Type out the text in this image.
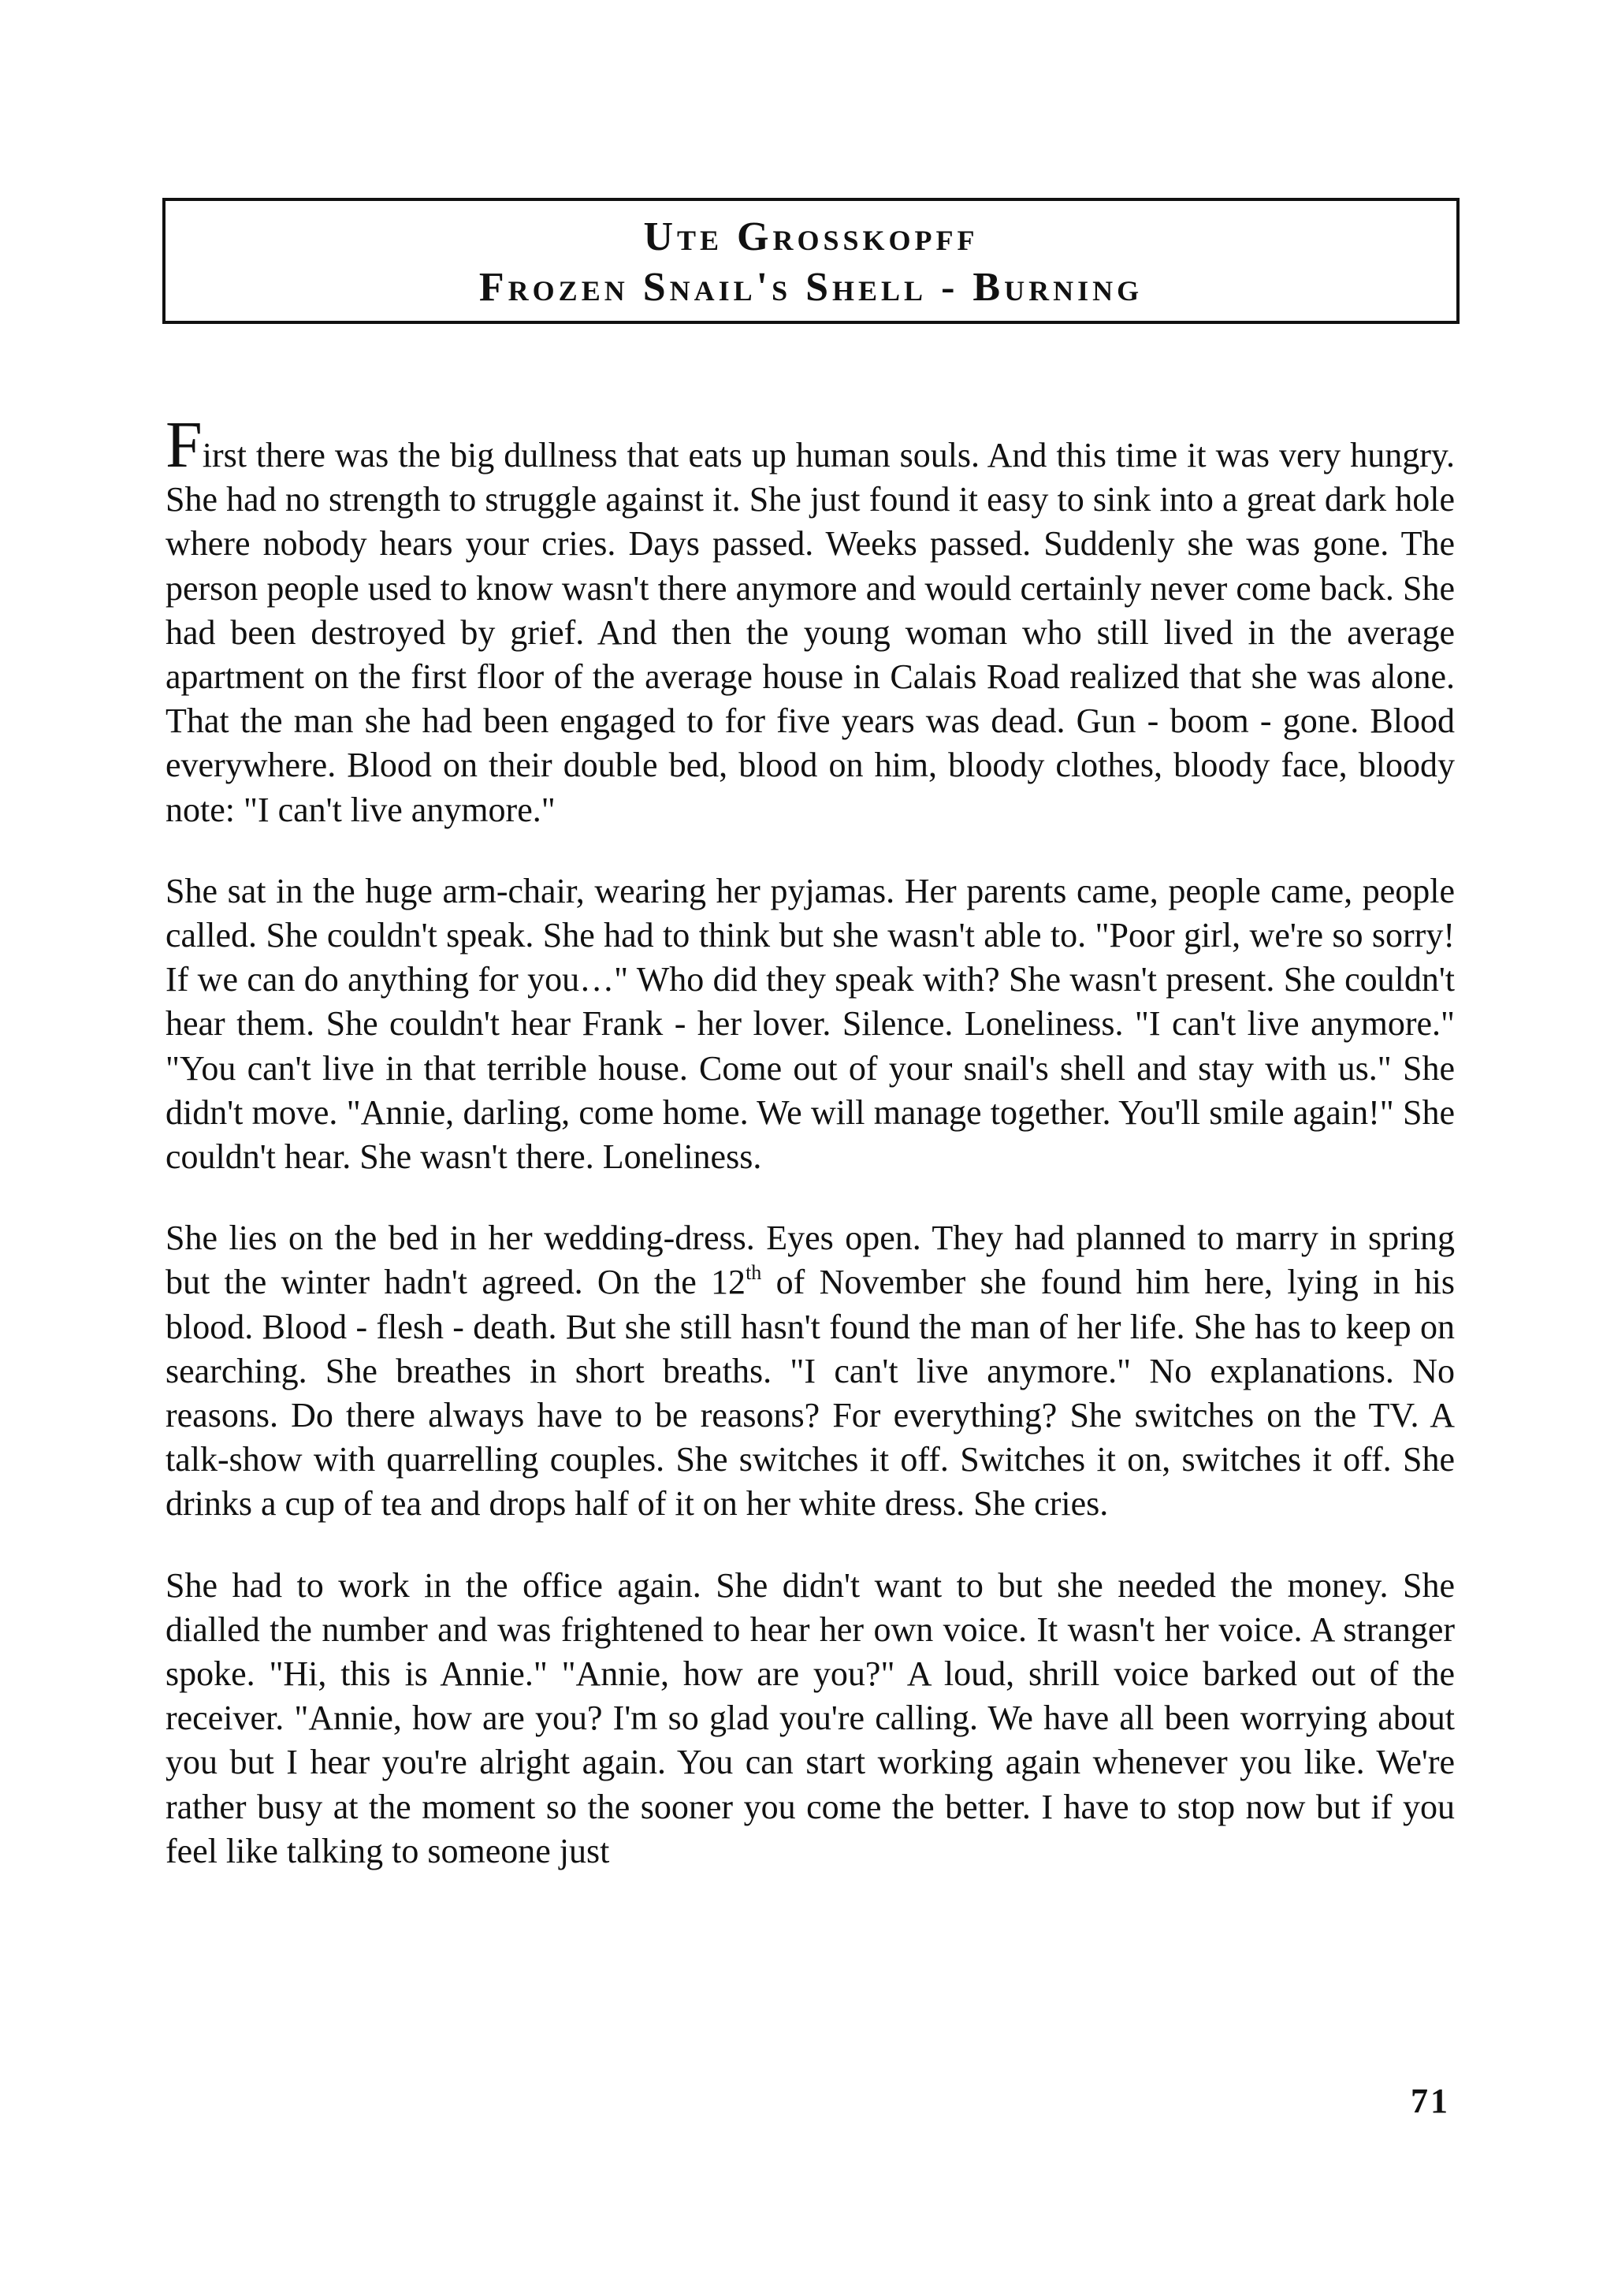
Ute Grosskopff
Frozen Snail's Shell - Burning

First there was the big dullness that eats up human souls. And this time it was very hungry. She had no strength to struggle against it. She just found it easy to sink into a great dark hole where nobody hears your cries. Days passed. Weeks passed. Suddenly she was gone. The person people used to know wasn't there anymore and would certainly never come back. She had been destroyed by grief. And then the young woman who still lived in the average apartment on the first floor of the average house in Calais Road realized that she was alone. That the man she had been engaged to for five years was dead. Gun - boom - gone. Blood everywhere. Blood on their double bed, blood on him, bloody clothes, bloody face, bloody note: "I can't live anymore."

She sat in the huge arm-chair, wearing her pyjamas. Her parents came, people came, people called. She couldn't speak. She had to think but she wasn't able to. "Poor girl, we're so sorry! If we can do anything for you…" Who did they speak with? She wasn't present. She couldn't hear them. She couldn't hear Frank - her lover. Silence. Loneliness. "I can't live anymore." "You can't live in that terrible house. Come out of your snail's shell and stay with us." She didn't move. "Annie, darling, come home. We will manage together. You'll smile again!" She couldn't hear. She wasn't there. Loneliness.

She lies on the bed in her wedding-dress. Eyes open. They had planned to marry in spring but the winter hadn't agreed. On the 12th of November she found him here, lying in his blood. Blood - flesh - death. But she still hasn't found the man of her life. She has to keep on searching. She breathes in short breaths. "I can't live anymore." No explanations. No reasons. Do there always have to be reasons? For everything? She switches on the TV. A talk-show with quarrelling couples. She switches it off. Switches it on, switches it off. She drinks a cup of tea and drops half of it on her white dress. She cries.

She had to work in the office again. She didn't want to but she needed the money. She dialled the number and was frightened to hear her own voice. It wasn't her voice. A stranger spoke. "Hi, this is Annie." "Annie, how are you?" A loud, shrill voice barked out of the receiver. "Annie, how are you? I'm so glad you're calling. We have all been worrying about you but I hear you're alright again. You can start working again whenever you like. We're rather busy at the moment so the sooner you come the better. I have to stop now but if you feel like talking to someone just

71
